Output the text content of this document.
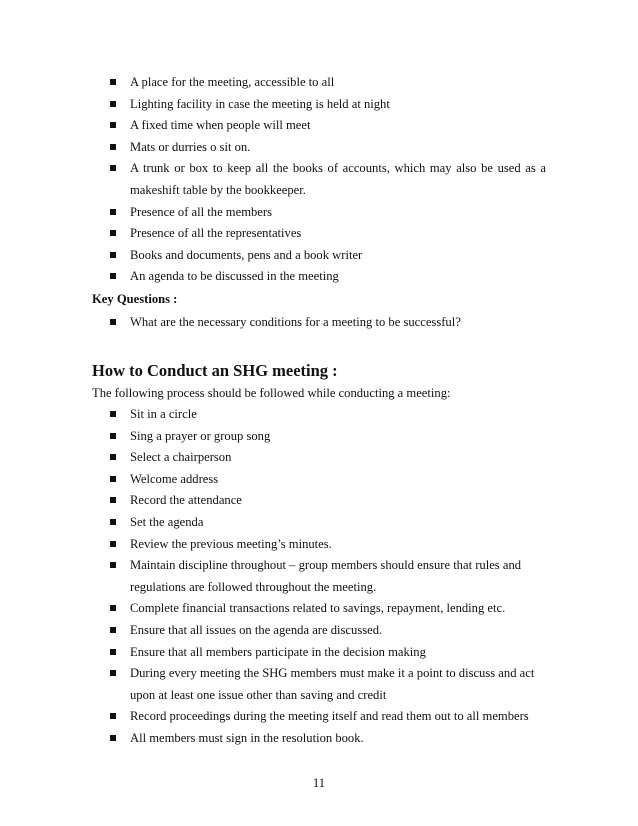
A place for the meeting, accessible to all
Lighting facility in case the meeting is held at night
A fixed time when people will meet
Mats or durries o sit on.
A trunk or box to keep all the books of accounts, which may also be used as a makeshift table by the bookkeeper.
Presence of all the members
Presence of all the representatives
Books and documents, pens and a book writer
An agenda to be discussed in the meeting

Key Questions :

What are the necessary conditions for a meeting to be successful?
How to Conduct an SHG meeting :

The following process should be followed while conducting a meeting:

Sit in a circle
Sing a prayer or group song
Select a chairperson
Welcome address
Record the attendance
Set the agenda
Review the previous meeting’s minutes.
Maintain discipline throughout – group members should ensure that rules and regulations are followed throughout the meeting.
Complete financial transactions related to savings, repayment, lending etc.
Ensure that all issues on the agenda are discussed.
Ensure that all members participate in the decision making
During every meeting the SHG members must make it a point to discuss and act upon at least one issue other than saving and credit
Record proceedings during the meeting itself and read them out to all members
All members must sign in the resolution book.
11
